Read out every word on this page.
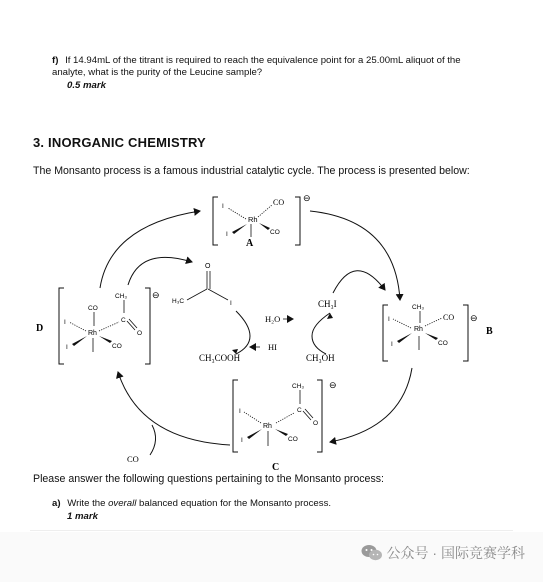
f) If 14.94mL of the titrant is required to reach the equivalence point for a 25.00mL aliquot of the analyte, what is the purity of the Leucine sample?
0.5 mark
3. INORGANIC CHEMISTRY
The Monsanto process is a famous industrial catalytic cycle. The process is presented below:
⊖
Rh
I	CO
I	CO
A
⊖
CH₃
C
O
CO
Rh
I
I	CO
D
⊖
CH₃
Rh
I	CO
I	CO
B
⊖
CH₃
C
O
Rh
I
I	CO
C
H₃C
O
I	CH₃I
H₂O
HI
CH₃COOH	CH₃OH
CO
Please answer the following questions pertaining to the Monsanto process:
a) Write the overall balanced equation for the Monsanto process.
1 mark
公众号 · 国际竞赛学科
